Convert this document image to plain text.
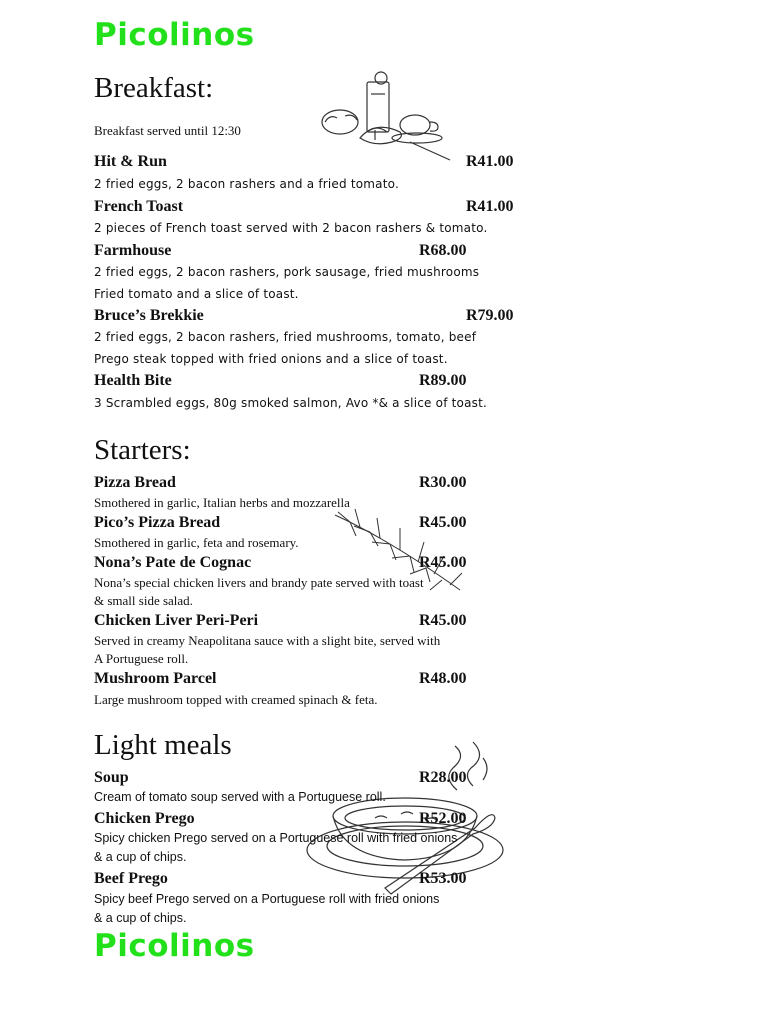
Picolinos
Breakfast:
Breakfast served until 12:30
Hit & Run	R41.00
2 fried eggs, 2 bacon rashers and a fried tomato.
French Toast	R41.00
2 pieces of French toast served with 2 bacon rashers & tomato.
Farmhouse	R68.00
2 fried eggs, 2 bacon rashers, pork sausage, fried mushrooms
Fried tomato and a slice of toast.
Bruce’s Brekkie	R79.00
2 fried eggs, 2 bacon rashers, fried mushrooms, tomato, beef
Prego steak topped with fried onions and a slice of toast.
Health Bite	R89.00
3 Scrambled eggs, 80g smoked salmon, Avo *& a slice of toast.
Starters:
Pizza Bread	R30.00
Smothered in garlic, Italian herbs and mozzarella
Pico’s Pizza Bread	R45.00
Smothered in garlic, feta and rosemary.
Nona’s Pate de Cognac	R45.00
Nona’s special chicken livers and brandy pate served with toast
& small side salad.
Chicken Liver Peri-Peri	R45.00
Served in creamy Neapolitana sauce with a slight bite, served with
A Portuguese roll.
Mushroom Parcel	R48.00
Large mushroom topped with creamed spinach & feta.
Light meals
Soup	R28.00
Cream of tomato soup served with a Portuguese roll.
Chicken Prego	R52.00
Spicy chicken Prego served on a Portuguese roll with fried onions
& a cup of chips.
Beef Prego	R53.00
Spicy beef Prego served on a Portuguese roll with fried onions
& a cup of chips.
Picolinos
